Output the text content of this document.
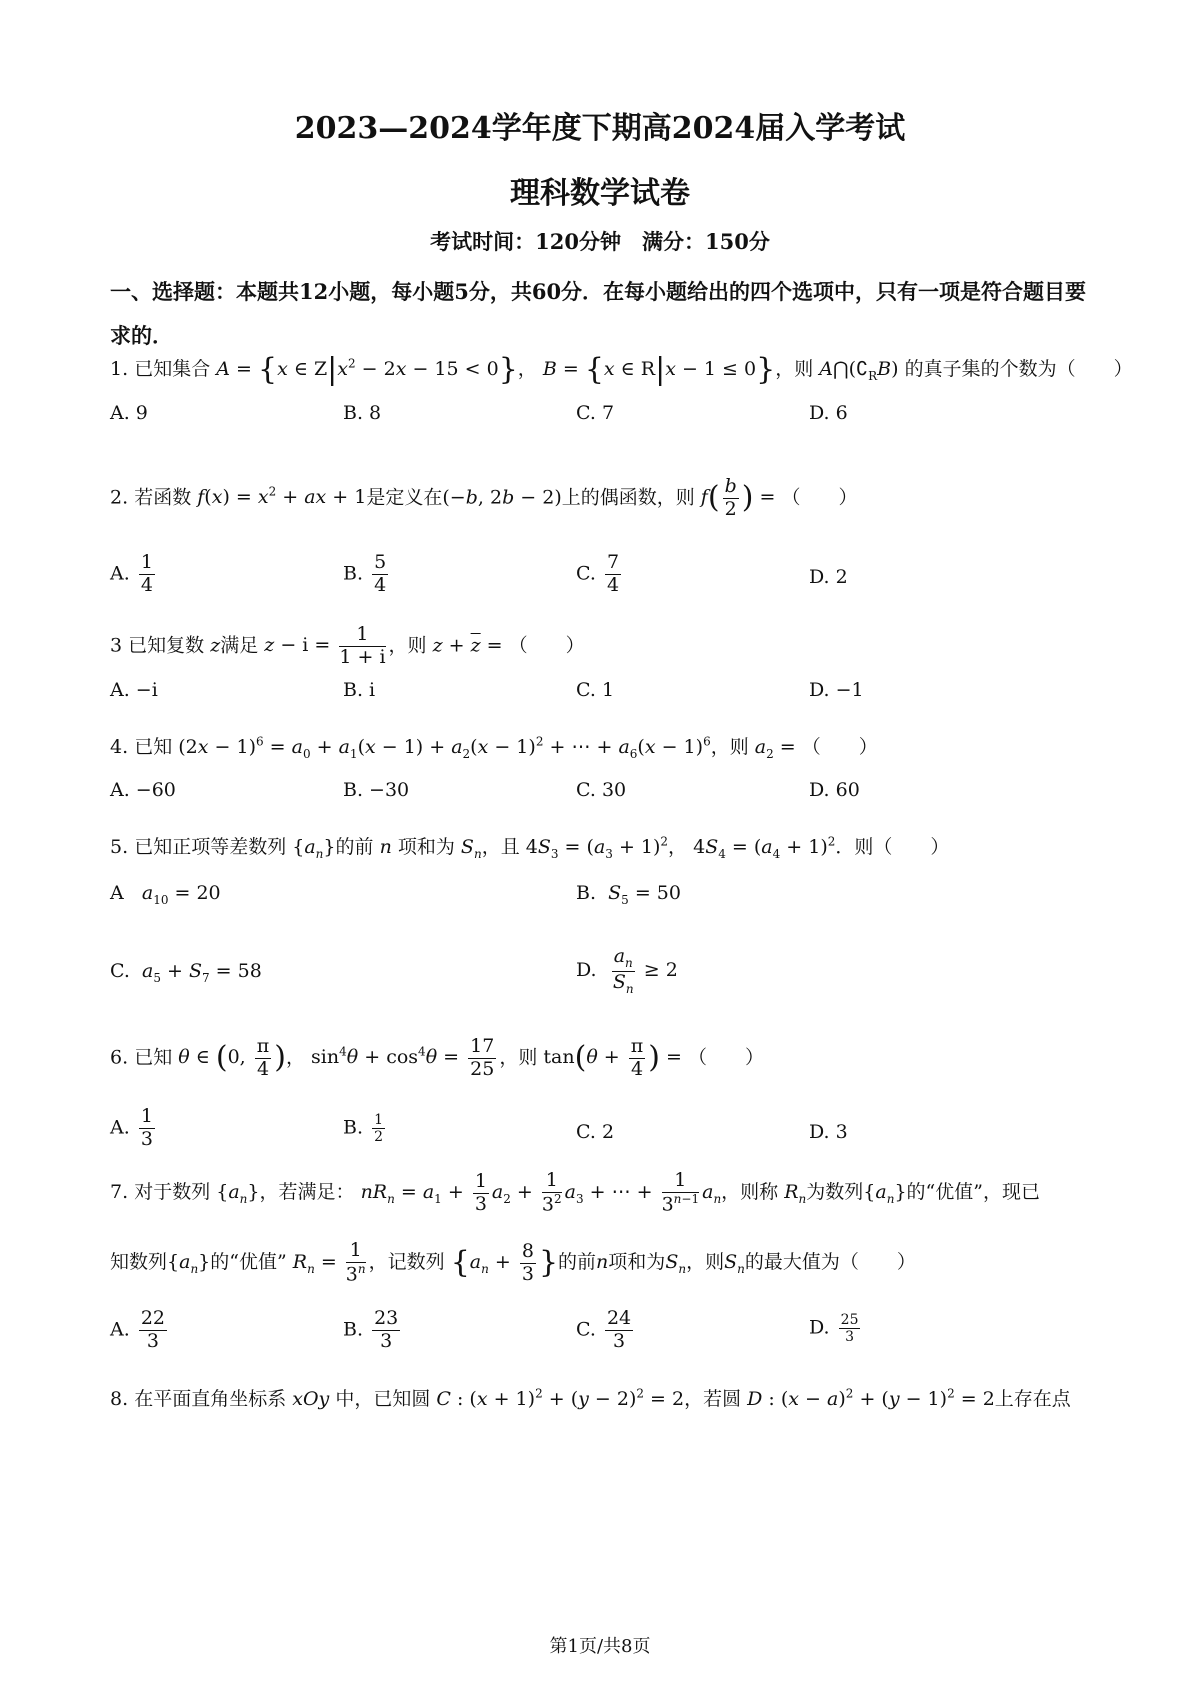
2023—2024学年度下期高2024届入学考试
理科数学试卷
考试时间：120分钟　满分：150分
一、选择题：本题共12小题，每小题5分，共60分．在每小题给出的四个选项中，只有一项是符合题目要求的．
1. 已知集合 A = {x ∈ $Z|x^2 - 2x - 15 < 0$}， B = {x ∈ R|x − 1 ≤ 0}，则 $A⋂(∁_RB)$ 的真子集的个数为（　　）
A. 9	B. 8	C. 7	D. 6
2. 若函数 $f(x) = x^2$ + ax + 1是定义在(−b, 2b − 2)上的偶函数，则 $f( \frac{b}{2}$ ) = （　　）
A. $\frac{1}{4}$	B. $\frac{5}{4}$	C. $\frac{7}{4}$	D. 2
3 已知复数 z满足 $z - i = \frac{1}{1 + i}$ ，则 $z + \overline{z}$ = （　　）
A. −i	B. i	C. 1	D. −1
4. 已知 $(2x - 1)^6 = a_0 + a_1(x - 1) + a_2(x - 1)^2$ + ⋯ + $a_6(x - 1)^6$，则 $a_2$ = （　　）
A. −60	B. −30	C. 30	D. 60
5. 已知正项等差数列 $\{a_n\}$的前 n 项和为 $S_n$，且 $4S_3 = (a_3 + 1)^2$， $4S_4 = (a_4 + 1)^2$．则（　　）
A $a_{10} = 20$	B. $S_5 = 50$
C. $a_5 + S_7 = 58$	D. $\frac{a_n}{S_n} \ge 2$
6. 已知 θ ∈ (0, $\frac{\pi}{4}$ )， $\sin^4\theta + \cos^4\theta = \frac{17}{25}$ ，则 $\tan(\theta + \frac{\pi}{4}$ ) = （　　）
A. $\frac{1}{3}$	B. $\frac{1}{2}$	C. 2	D. 3
7. 对于数列 $\{a_n\}$，若满足： $nR_n = a_1 + \frac{1}{3} a_2 + \frac{1}{3^2} a_3$ + ⋯ + $\frac{1}{3^{n-1}} a_n$，则称 $R_n$为数列$\{a_n\}$的“优值”，现已
知数列$\{a_n\}$的“优值” $R_n = \frac{1}{3^n}$ ，记数列 {$a_n + \frac{8}{3}$ }的前n项和为$S_n$，则$S_n$的最大值为（　　）
A. $\frac{22}{3}$	B. $\frac{23}{3}$	C. $\frac{24}{3}$	D. $\frac{25}{3}$
8. 在平面直角坐标系 xOy 中，已知圆 C : $(x + 1)^2 + (y - 2)^2 = 2$，若圆 D : $(x - a)^2 + (y - 1)^2 = 2$上存在点
第1页/共8页
